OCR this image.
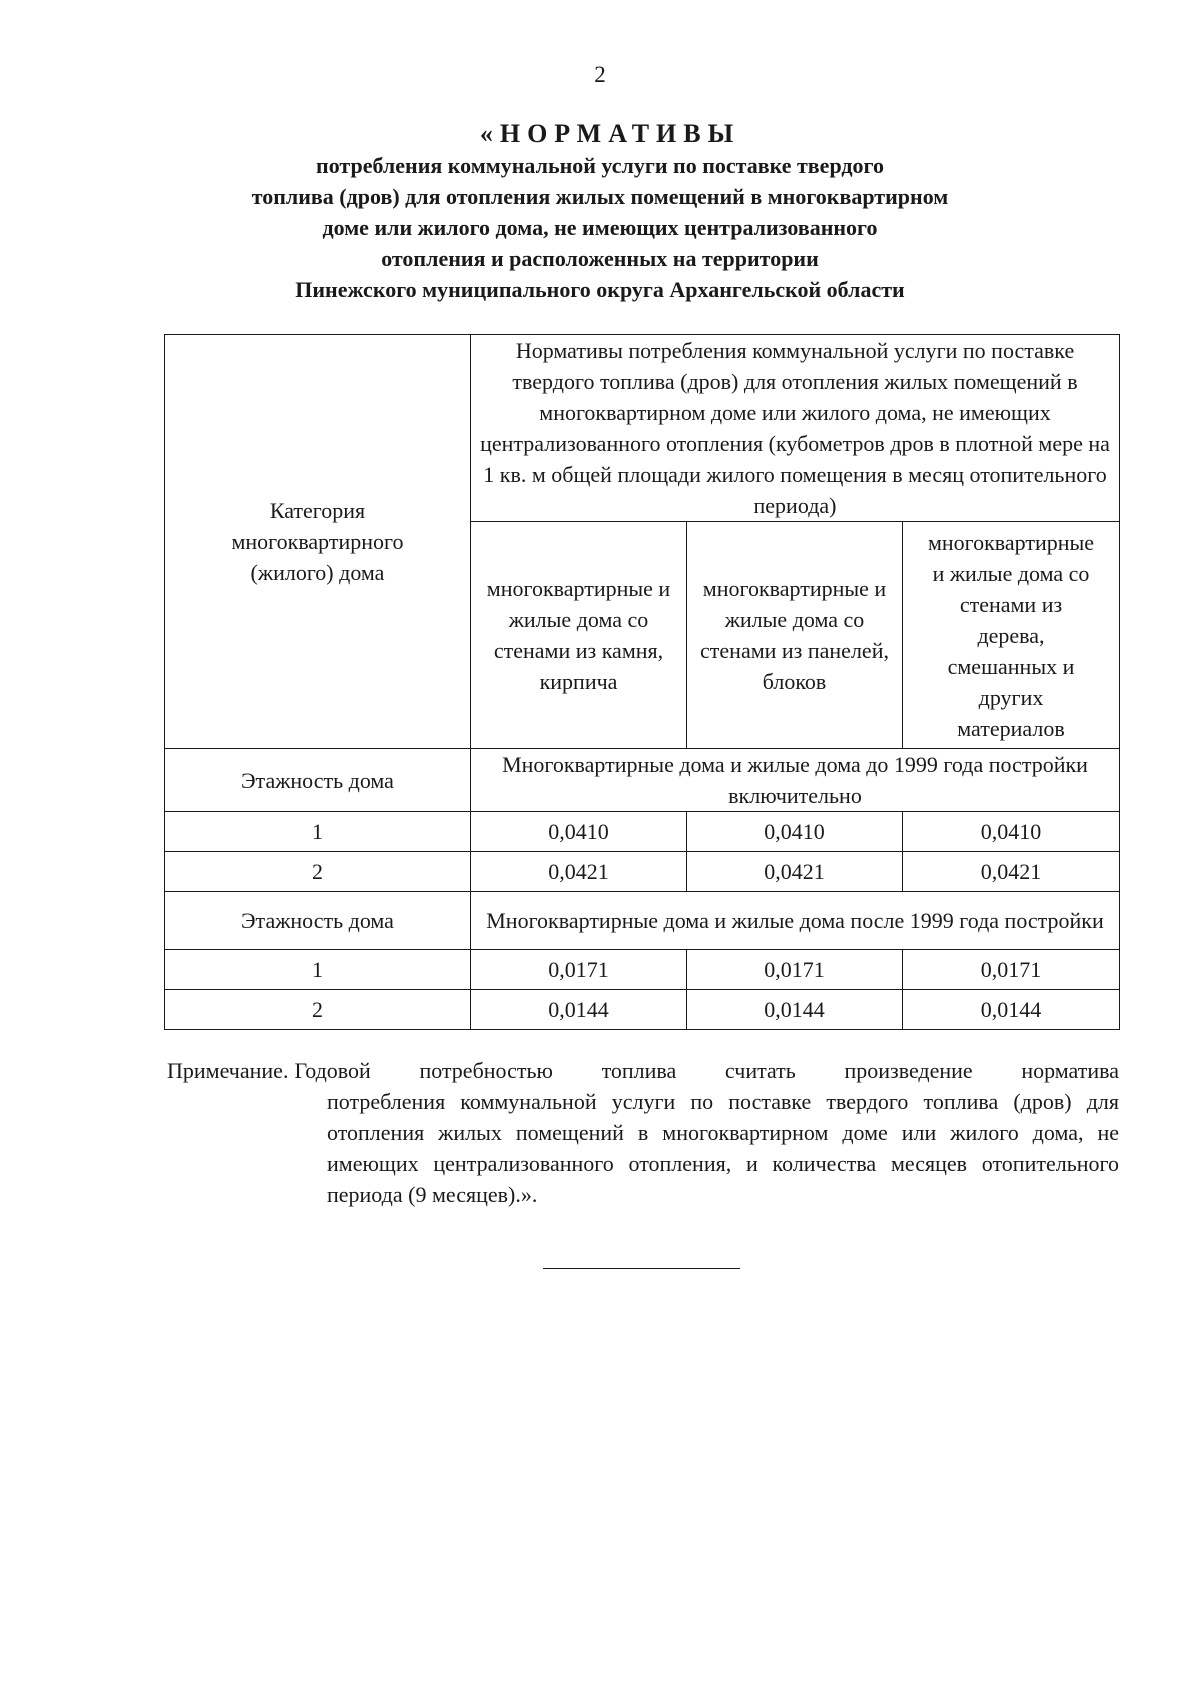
2
«НОРМАТИВЫ
потребления коммунальной услуги по поставке твердого
топлива (дров) для отопления жилых помещений в многоквартирном
доме или жилого дома, не имеющих централизованного
отопления и расположенных на территории
Пинежского муниципального округа Архангельской области
Категория многоквартирного (жилого) дома	Нормативы потребления коммунальной услуги по поставке твердого топлива (дров) для отопления жилых помещений в многоквартирном доме или жилого дома, не имеющих централизованного отопления (кубометров дров в плотной мере на 1 кв. м общей площади жилого помещения в месяц отопительного периода)		
	многоквартирные и жилые дома со стенами из камня, кирпича	многоквартирные и жилые дома со стенами из панелей, блоков	многоквартирные и жилые дома со стенами из дерева, смешанных и других материалов
Этажность дома	Многоквартирные дома и жилые дома до 1999 года постройки включительно		
1	0,0410	0,0410	0,0410
2	0,0421	0,0421	0,0421
Этажность дома	Многоквартирные дома и жилые дома после 1999 года постройки		
1	0,0171	0,0171	0,0171
2	0,0144	0,0144	0,0144
Примечание. Годовой потребностью топлива считать произведение норматива
потребления коммунальной услуги по поставке твердого топлива (дров) для отопления жилых помещений в многоквартирном доме или жилого дома, не имеющих централизованного отопления, и количества месяцев отопительного периода (9 месяцев).».
